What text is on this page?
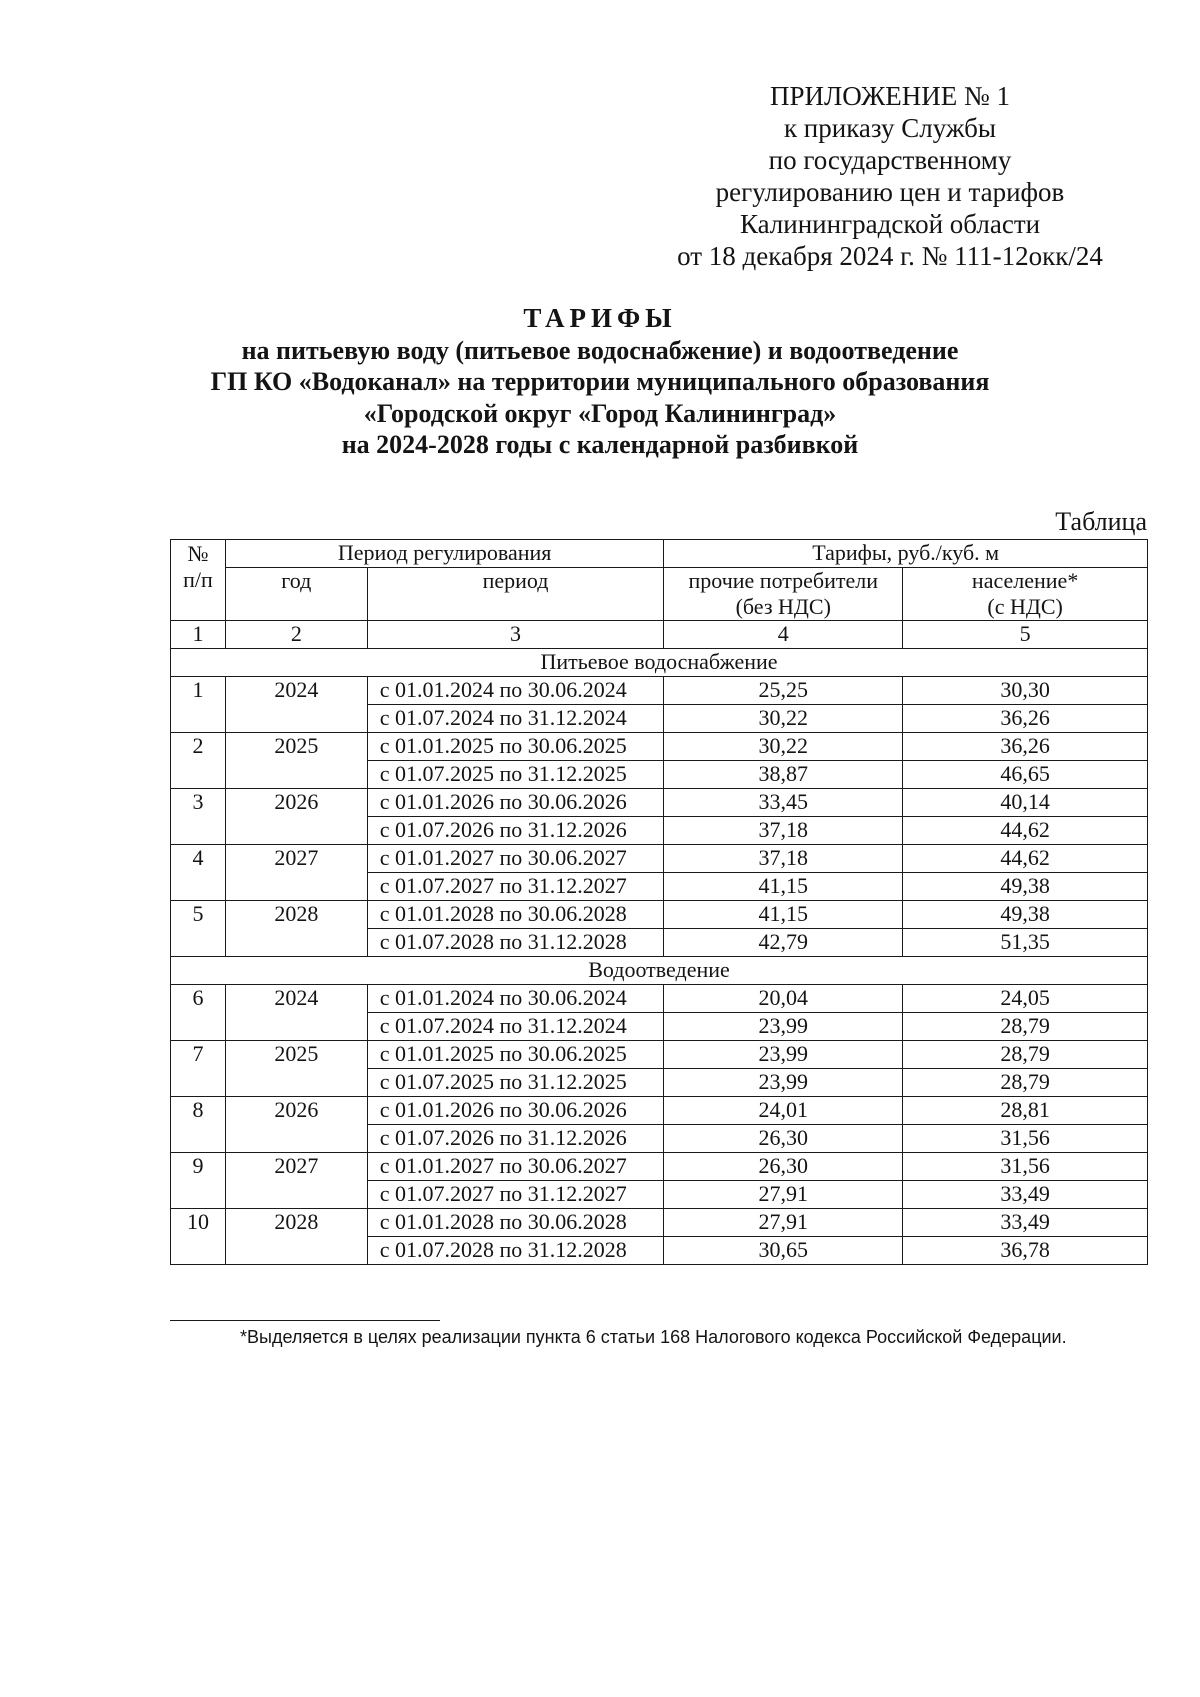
ПРИЛОЖЕНИЕ № 1
к приказу Службы
по государственному
регулированию цен и тарифов
Калининградской области
от 18 декабря 2024 г. № 111-12окк/24
ТАРИФЫ
на питьевую воду (питьевое водоснабжение) и водоотведение
ГП КО «Водоканал» на территории муниципального образования
«Городской округ «Город Калининград»
на 2024-2028 годы с календарной разбивкой
Таблица
№ п/п	Период регулирования		Тарифы, руб./куб. м	
	год	период	прочие потребители (без НДС)	население* (с НДС)
1	2	3	4	5
Питьевое водоснабжение				
1	2024	с 01.01.2024 по 30.06.2024	25,25	30,30
		с 01.07.2024 по 31.12.2024	30,22	36,26
2	2025	с 01.01.2025 по 30.06.2025	30,22	36,26
		с 01.07.2025 по 31.12.2025	38,87	46,65
3	2026	с 01.01.2026 по 30.06.2026	33,45	40,14
		с 01.07.2026 по 31.12.2026	37,18	44,62
4	2027	с 01.01.2027 по 30.06.2027	37,18	44,62
		с 01.07.2027 по 31.12.2027	41,15	49,38
5	2028	с 01.01.2028 по 30.06.2028	41,15	49,38
		с 01.07.2028 по 31.12.2028	42,79	51,35
Водоотведение				
6	2024	с 01.01.2024 по 30.06.2024	20,04	24,05
		с 01.07.2024 по 31.12.2024	23,99	28,79
7	2025	с 01.01.2025 по 30.06.2025	23,99	28,79
		с 01.07.2025 по 31.12.2025	23,99	28,79
8	2026	с 01.01.2026 по 30.06.2026	24,01	28,81
		с 01.07.2026 по 31.12.2026	26,30	31,56
9	2027	с 01.01.2027 по 30.06.2027	26,30	31,56
		с 01.07.2027 по 31.12.2027	27,91	33,49
10	2028	с 01.01.2028 по 30.06.2028	27,91	33,49
		с 01.07.2028 по 31.12.2028	30,65	36,78
*Выделяется в целях реализации пункта 6 статьи 168 Налогового кодекса Российской Федерации.
